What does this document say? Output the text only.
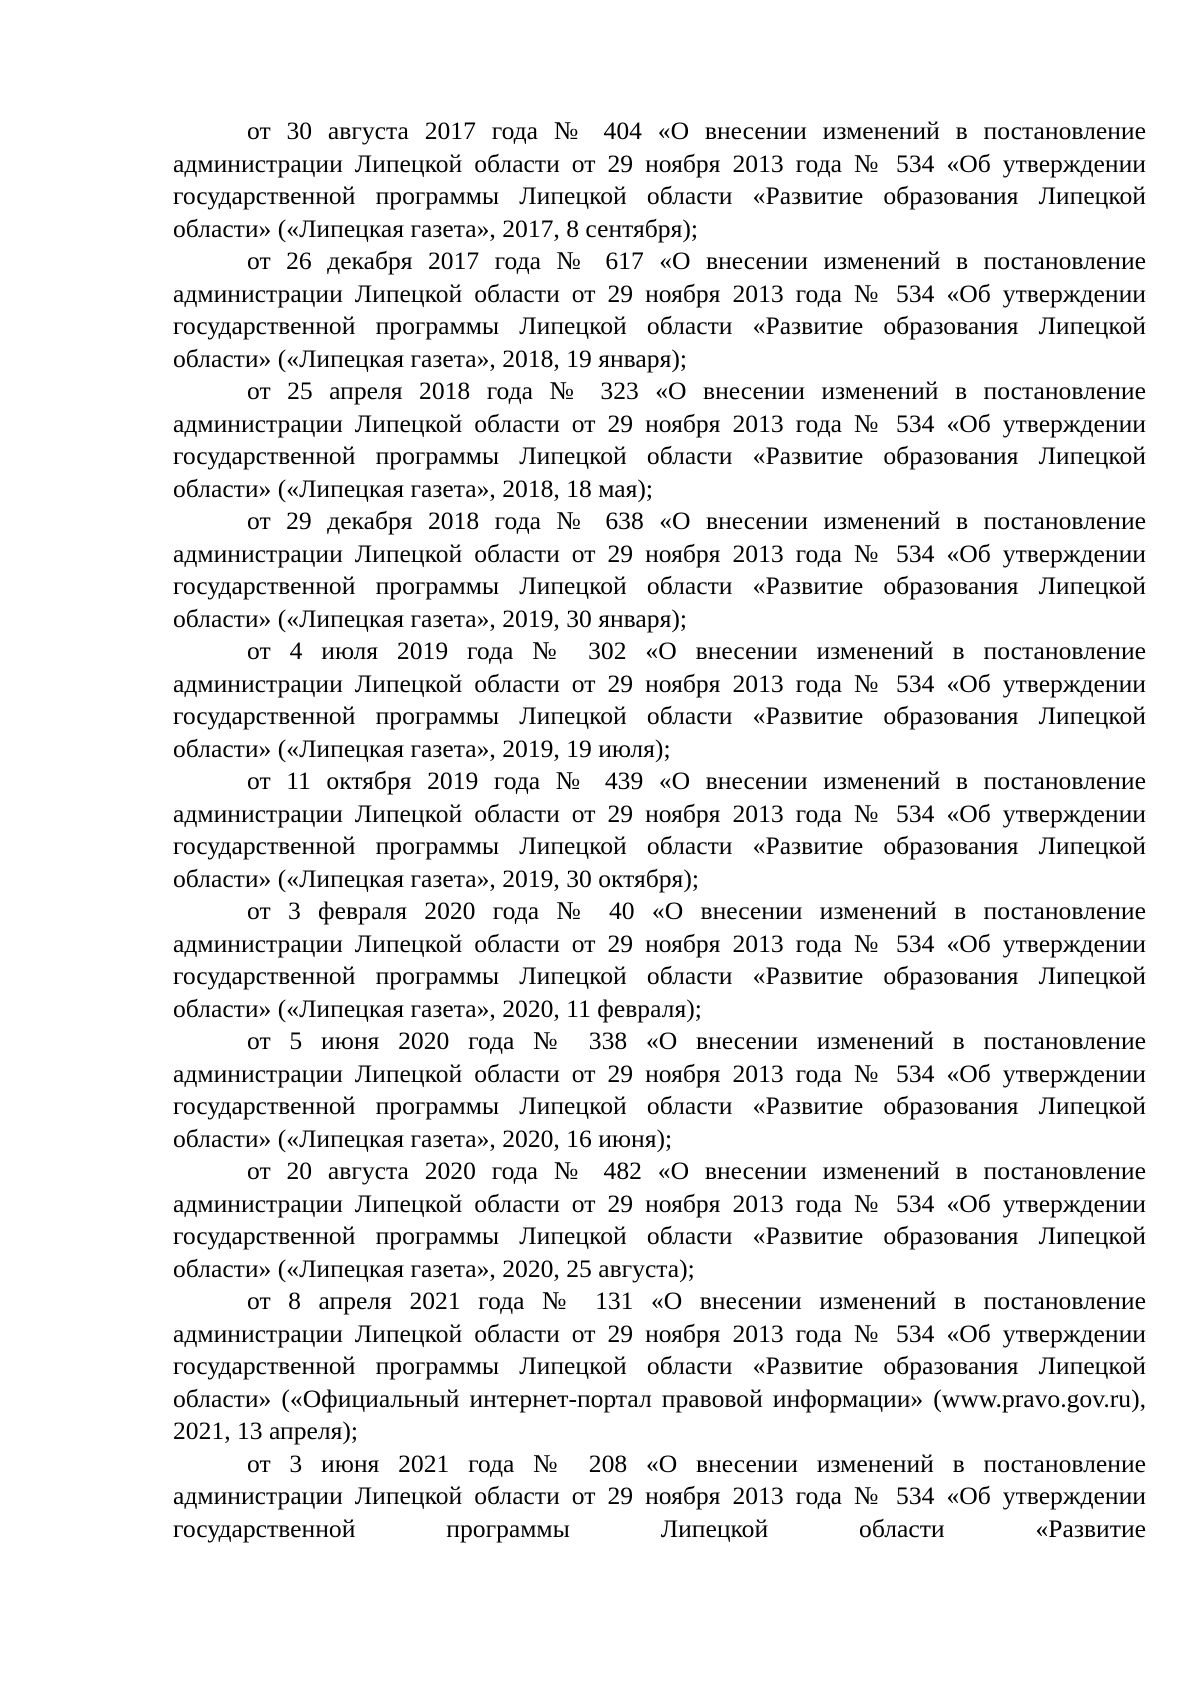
от 30 августа 2017 года № 404 «О внесении изменений в постановление администрации Липецкой области от 29 ноября 2013 года № 534 «Об утверждении государственной программы Липецкой области «Развитие образования Липецкой области» («Липецкая газета», 2017, 8 сентября);

от 26 декабря 2017 года № 617 «О внесении изменений в постановление администрации Липецкой области от 29 ноября 2013 года № 534 «Об утверждении государственной программы Липецкой области «Развитие образования Липецкой области» («Липецкая газета», 2018, 19 января);

от 25 апреля 2018 года № 323 «О внесении изменений в постановление администрации Липецкой области от 29 ноября 2013 года № 534 «Об утверждении государственной программы Липецкой области «Развитие образования Липецкой области» («Липецкая газета», 2018, 18 мая);

от 29 декабря 2018 года № 638 «О внесении изменений в постановление администрации Липецкой области от 29 ноября 2013 года № 534 «Об утверждении государственной программы Липецкой области «Развитие образования Липецкой области» («Липецкая газета», 2019, 30 января);

от 4 июля 2019 года № 302 «О внесении изменений в постановление администрации Липецкой области от 29 ноября 2013 года № 534 «Об утверждении государственной программы Липецкой области «Развитие образования Липецкой области» («Липецкая газета», 2019, 19 июля);

от 11 октября 2019 года № 439 «О внесении изменений в постановление администрации Липецкой области от 29 ноября 2013 года № 534 «Об утверждении государственной программы Липецкой области «Развитие образования Липецкой области» («Липецкая газета», 2019, 30 октября);

от 3 февраля 2020 года № 40 «О внесении изменений в постановление администрации Липецкой области от 29 ноября 2013 года № 534 «Об утверждении государственной программы Липецкой области «Развитие образования Липецкой области» («Липецкая газета», 2020, 11 февраля);

от 5 июня 2020 года № 338 «О внесении изменений в постановление администрации Липецкой области от 29 ноября 2013 года № 534 «Об утверждении государственной программы Липецкой области «Развитие образования Липецкой области» («Липецкая газета», 2020, 16 июня);

от 20 августа 2020 года № 482 «О внесении изменений в постановление администрации Липецкой области от 29 ноября 2013 года № 534 «Об утверждении государственной программы Липецкой области «Развитие образования Липецкой области» («Липецкая газета», 2020, 25 августа);

от 8 апреля 2021 года № 131 «О внесении изменений в постановление администрации Липецкой области от 29 ноября 2013 года № 534 «Об утверждении государственной программы Липецкой области «Развитие образования Липецкой области» («Официальный интернет-портал правовой информации» (www.pravo.gov.ru), 2021, 13 апреля);

от 3 июня 2021 года № 208 «О внесении изменений в постановление администрации Липецкой области от 29 ноября 2013 года № 534 «Об утверждении государственной программы Липецкой области «Развитие
